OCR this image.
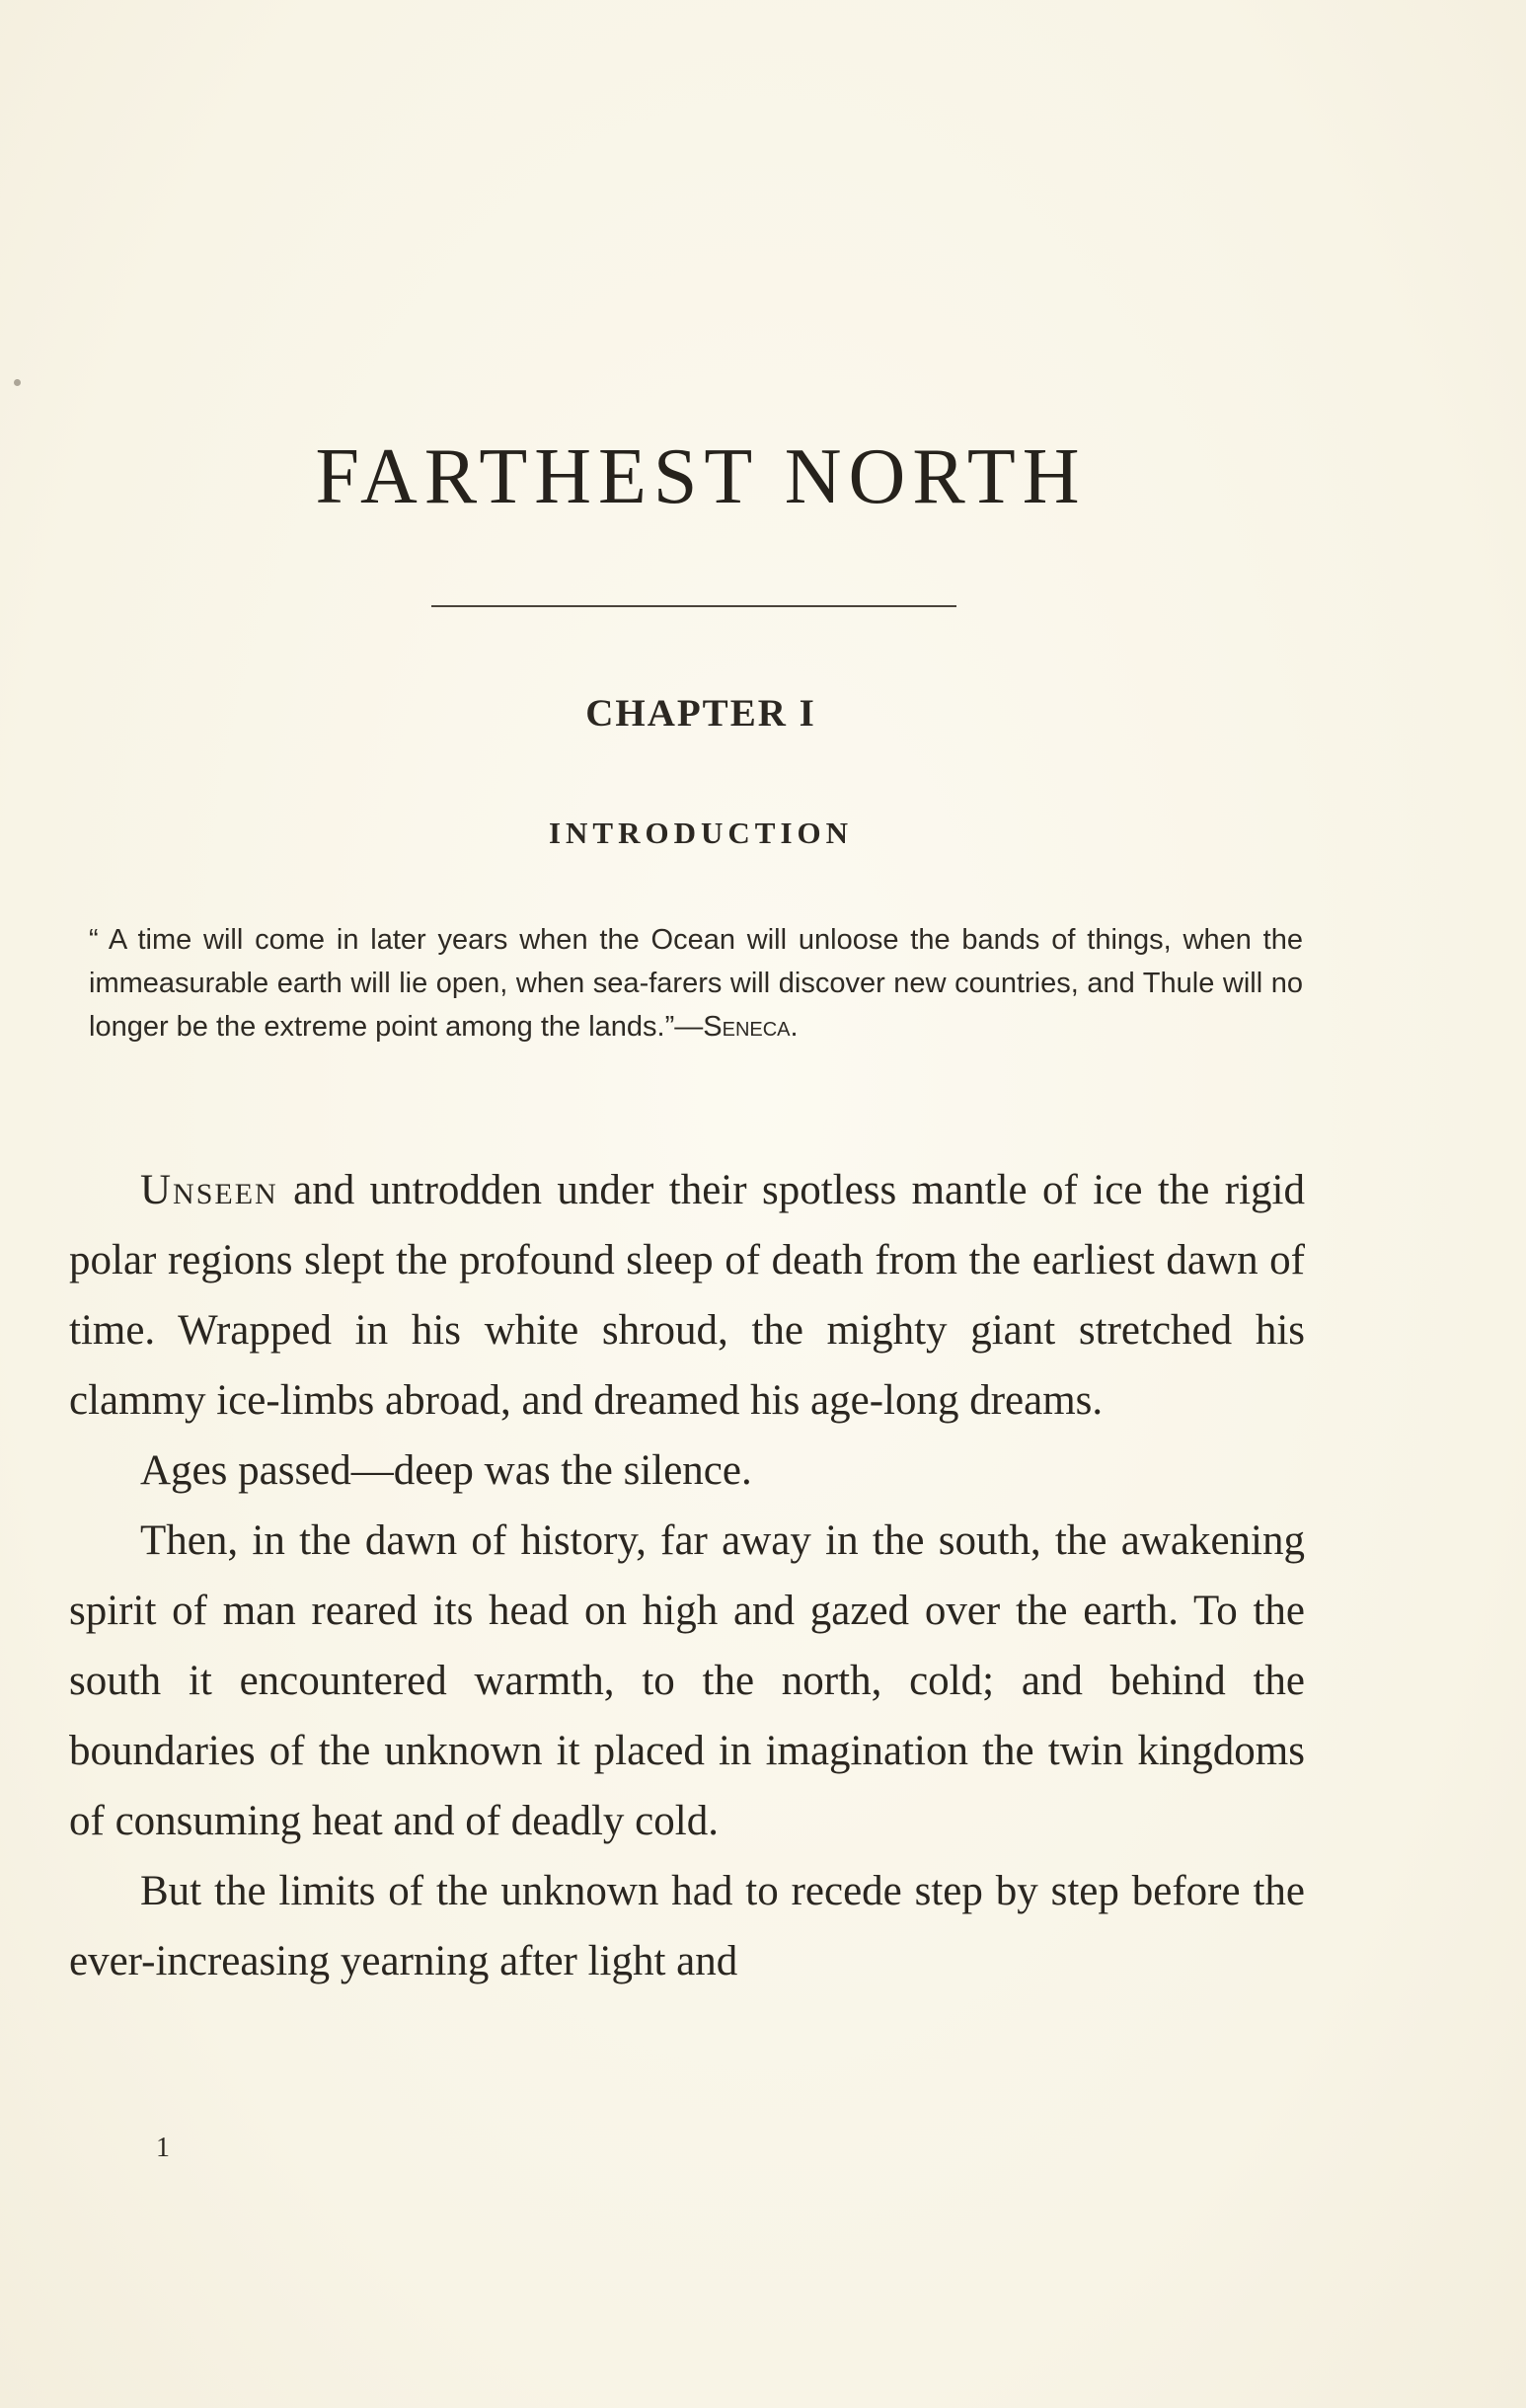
FARTHEST NORTH
CHAPTER I
INTRODUCTION

“ A time will come in later years when the Ocean will unloose the bands of things, when the immeasurable earth will lie open, when sea-farers will discover new countries, and Thule will no longer be the extreme point among the lands.”—Seneca.

Unseen and untrodden under their spotless mantle of ice the rigid polar regions slept the profound sleep of death from the earliest dawn of time. Wrapped in his white shroud, the mighty giant stretched his clammy ice-limbs abroad, and dreamed his age-long dreams.

Ages passed—deep was the silence.

Then, in the dawn of history, far away in the south, the awakening spirit of man reared its head on high and gazed over the earth. To the south it encountered warmth, to the north, cold; and behind the boundaries of the unknown it placed in imagination the twin kingdoms of consuming heat and of deadly cold.

But the limits of the unknown had to recede step by step before the ever-increasing yearning after light and

1
